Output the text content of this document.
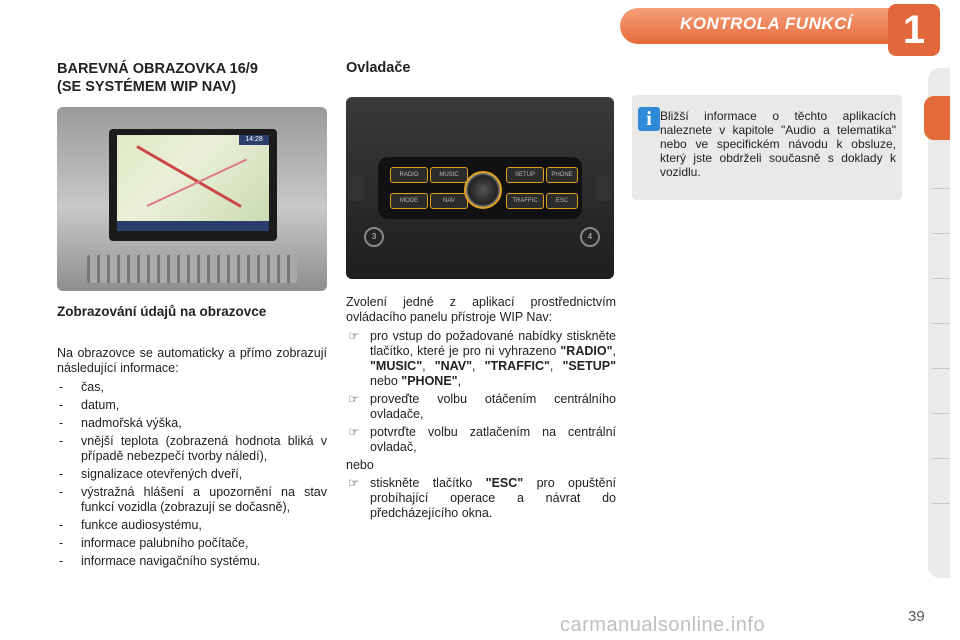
KONTROLA FUNKCÍ	1
BAREVNÁ OBRAZOVKA 16/9
(SE SYSTÉMEM WIP NAV)
Ovladače
14:28
RADIO	MUSIC	SETUP	PHONE
MODE	NAV	TRAFFIC	ESC
3	4
Zobrazování údajů na obrazovce

Na obrazovce se automaticky a přímo zobrazují následující informace:

- čas,
- datum,
- nadmořská výška,
- vnější teplota (zobrazená hodnota bliká v případě nebezpečí tvorby náledí),
- signalizace otevřených dveří,
- výstražná hlášení a upozornění na stav funkcí vozidla (zobrazují se dočasně),
- funkce audiosystému,
- informace palubního počítače,
- informace navigačního systému.

Zvolení jedné z aplikací prostřednictvím ovládacího panelu přístroje WIP Nav:

☞ pro vstup do požadované nabídky stiskněte tlačítko, které je pro ni vyhrazeno "RADIO", "MUSIC", "NAV", "TRAFFIC", "SETUP" nebo "PHONE",
☞ proveďte volbu otáčením centrálního ovladače,
☞ potvrďte volbu zatlačením na centrální ovladač,

nebo

☞ stiskněte tlačítko "ESC" pro opuštění probíhající operace a návrat do předcházejícího okna.
i Bližší informace o těchto aplikacích naleznete v kapitole "Audio a telematika" nebo ve specifickém návodu k obsluze, který jste obdrželi současně s doklady k vozidlu.
carmanualsonline.info	39
